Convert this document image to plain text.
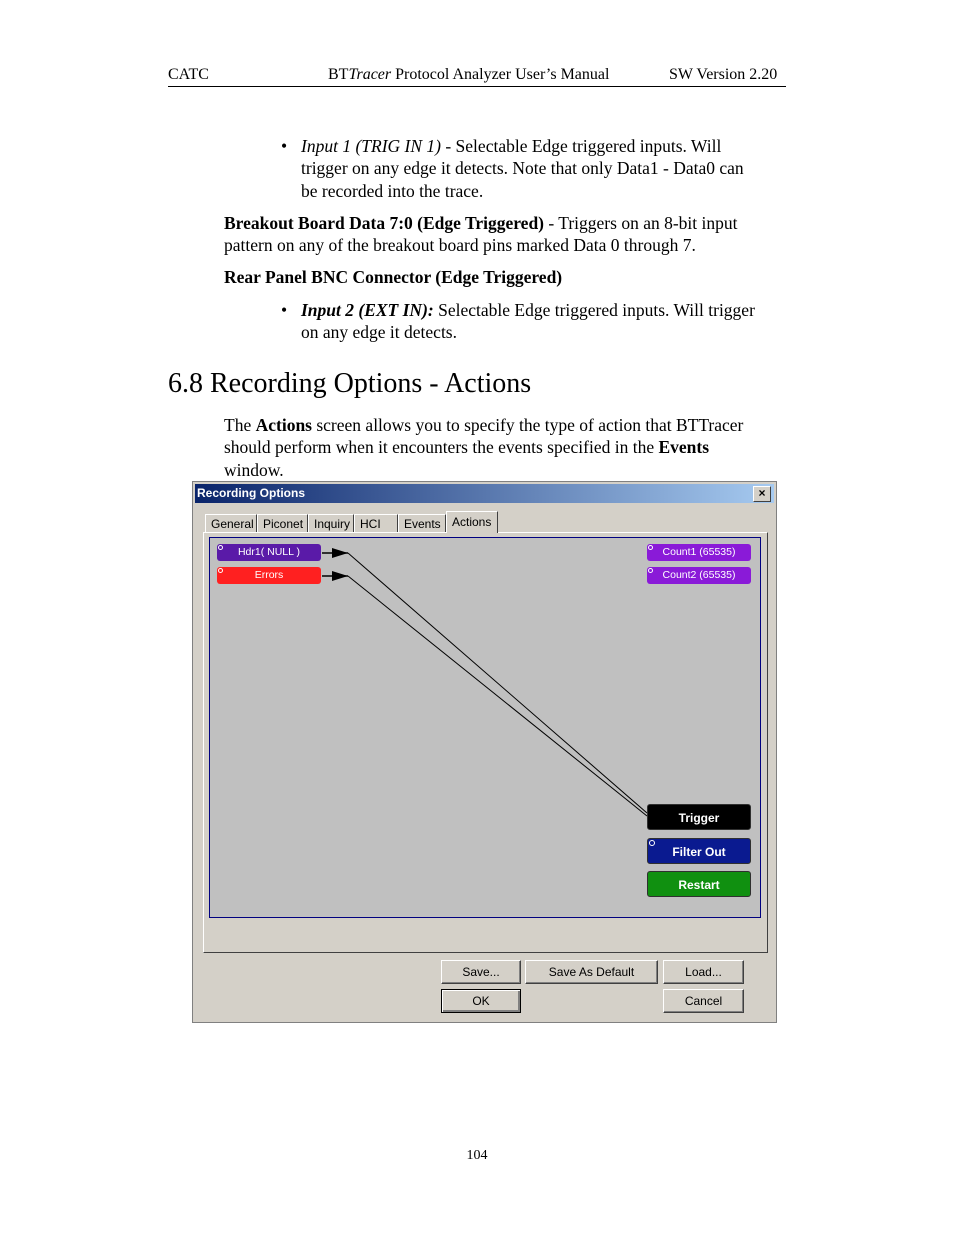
CATC	BTTracer Protocol Analyzer User’s Manual	SW Version 2.20
• Input 1 (TRIG IN 1) - Selectable Edge triggered inputs. Will
trigger on any edge it detects. Note that only Data1 - Data0 can
be recorded into the trace.
Breakout Board Data 7:0 (Edge Triggered) - Triggers on an 8-bit input
pattern on any of the breakout board pins marked Data 0 through 7.
Rear Panel BNC Connector (Edge Triggered)
• Input 2 (EXT IN): Selectable Edge triggered inputs. Will trigger
on any edge it detects.
6.8 Recording Options - Actions
The Actions screen allows you to specify the type of action that BTTracer
should perform when it encounters the events specified in the Events
window.
Recording Options	×
General Piconet Inquiry HCI	Events Actions
Hdr1( NULL )
Errors
Count1 (65535)
Count2 (65535)
Trigger
Filter Out
Restart
Save...	Save As Default	Load...
OK	Cancel
104
